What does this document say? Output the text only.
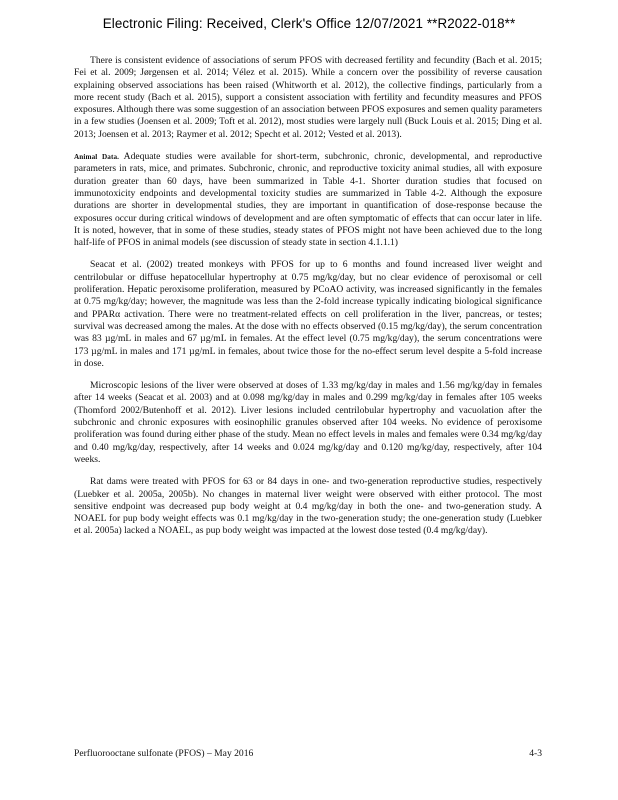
Electronic Filing: Received, Clerk's Office 12/07/2021 **R2022-018**

There is consistent evidence of associations of serum PFOS with decreased fertility and fecundity (Bach et al. 2015; Fei et al. 2009; Jørgensen et al. 2014; Vélez et al. 2015). While a concern over the possibility of reverse causation explaining observed associations has been raised (Whitworth et al. 2012), the collective findings, particularly from a more recent study (Bach et al. 2015), support a consistent association with fertility and fecundity measures and PFOS exposures. Although there was some suggestion of an association between PFOS exposures and semen quality parameters in a few studies (Joensen et al. 2009; Toft et al. 2012), most studies were largely null (Buck Louis et al. 2015; Ding et al. 2013; Joensen et al. 2013; Raymer et al. 2012; Specht et al. 2012; Vested et al. 2013).

Animal Data. Adequate studies were available for short-term, subchronic, chronic, developmental, and reproductive parameters in rats, mice, and primates. Subchronic, chronic, and reproductive toxicity animal studies, all with exposure duration greater than 60 days, have been summarized in Table 4-1. Shorter duration studies that focused on immunotoxicity endpoints and developmental toxicity studies are summarized in Table 4-2. Although the exposure durations are shorter in developmental studies, they are important in quantification of dose-response because the exposures occur during critical windows of development and are often symptomatic of effects that can occur later in life. It is noted, however, that in some of these studies, steady states of PFOS might not have been achieved due to the long half-life of PFOS in animal models (see discussion of steady state in section 4.1.1.1)

Seacat et al. (2002) treated monkeys with PFOS for up to 6 months and found increased liver weight and centrilobular or diffuse hepatocellular hypertrophy at 0.75 mg/kg/day, but no clear evidence of peroxisomal or cell proliferation. Hepatic peroxisome proliferation, measured by PCoAO activity, was increased significantly in the females at 0.75 mg/kg/day; however, the magnitude was less than the 2-fold increase typically indicating biological significance and PPARα activation. There were no treatment-related effects on cell proliferation in the liver, pancreas, or testes; survival was decreased among the males. At the dose with no effects observed (0.15 mg/kg/day), the serum concentration was 83 µg/mL in males and 67 µg/mL in females. At the effect level (0.75 mg/kg/day), the serum concentrations were 173 µg/mL in males and 171 µg/mL in females, about twice those for the no-effect serum level despite a 5-fold increase in dose.

Microscopic lesions of the liver were observed at doses of 1.33 mg/kg/day in males and 1.56 mg/kg/day in females after 14 weeks (Seacat et al. 2003) and at 0.098 mg/kg/day in males and 0.299 mg/kg/day in females after 105 weeks (Thomford 2002/Butenhoff et al. 2012). Liver lesions included centrilobular hypertrophy and vacuolation after the subchronic and chronic exposures with eosinophilic granules observed after 104 weeks. No evidence of peroxisome proliferation was found during either phase of the study. Mean no effect levels in males and females were 0.34 mg/kg/day and 0.40 mg/kg/day, respectively, after 14 weeks and 0.024 mg/kg/day and 0.120 mg/kg/day, respectively, after 104 weeks.

Rat dams were treated with PFOS for 63 or 84 days in one- and two-generation reproductive studies, respectively (Luebker et al. 2005a, 2005b). No changes in maternal liver weight were observed with either protocol. The most sensitive endpoint was decreased pup body weight at 0.4 mg/kg/day in both the one- and two-generation study. A NOAEL for pup body weight effects was 0.1 mg/kg/day in the two-generation study; the one-generation study (Luebker et al. 2005a) lacked a NOAEL, as pup body weight was impacted at the lowest dose tested (0.4 mg/kg/day).

Perfluorooctane sulfonate (PFOS) – May 2016	4-3
